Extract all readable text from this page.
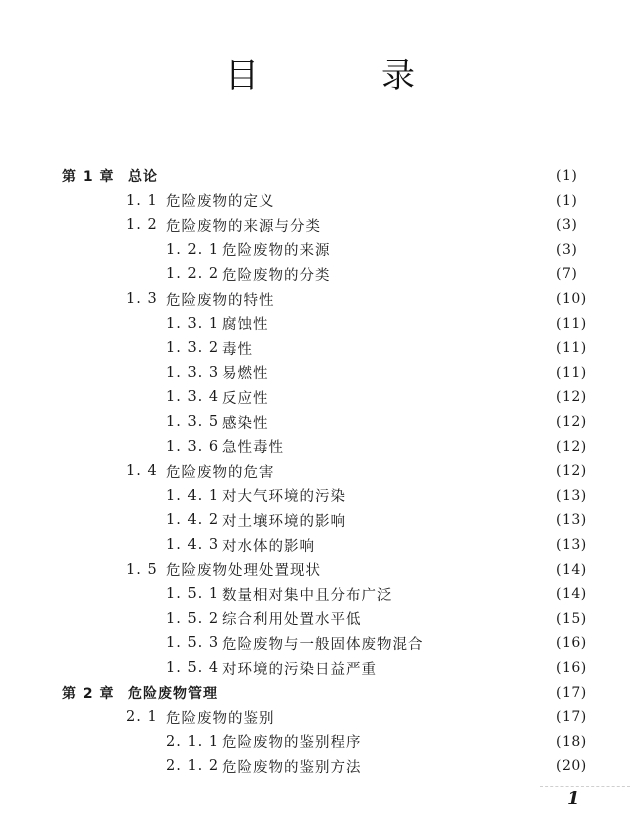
目　录
第 1 章 总论	(1)
1. 1 危险废物的定义	(1)
1. 2 危险废物的来源与分类	(3)
1. 2. 1 危险废物的来源	(3)
1. 2. 2 危险废物的分类	(7)
1. 3 危险废物的特性	(10)
1. 3. 1 腐蚀性	(11)
1. 3. 2 毒性	(11)
1. 3. 3 易燃性	(11)
1. 3. 4 反应性	(12)
1. 3. 5 感染性	(12)
1. 3. 6 急性毒性	(12)
1. 4 危险废物的危害	(12)
1. 4. 1 对大气环境的污染	(13)
1. 4. 2 对土壤环境的影响	(13)
1. 4. 3 对水体的影响	(13)
1. 5 危险废物处理处置现状	(14)
1. 5. 1 数量相对集中且分布广泛	(14)
1. 5. 2 综合利用处置水平低	(15)
1. 5. 3 危险废物与一般固体废物混合	(16)
1. 5. 4 对环境的污染日益严重	(16)
第 2 章 危险废物管理	(17)
2. 1 危险废物的鉴别	(17)
2. 1. 1 危险废物的鉴别程序	(18)
2. 1. 2 危险废物的鉴别方法	(20)
1
